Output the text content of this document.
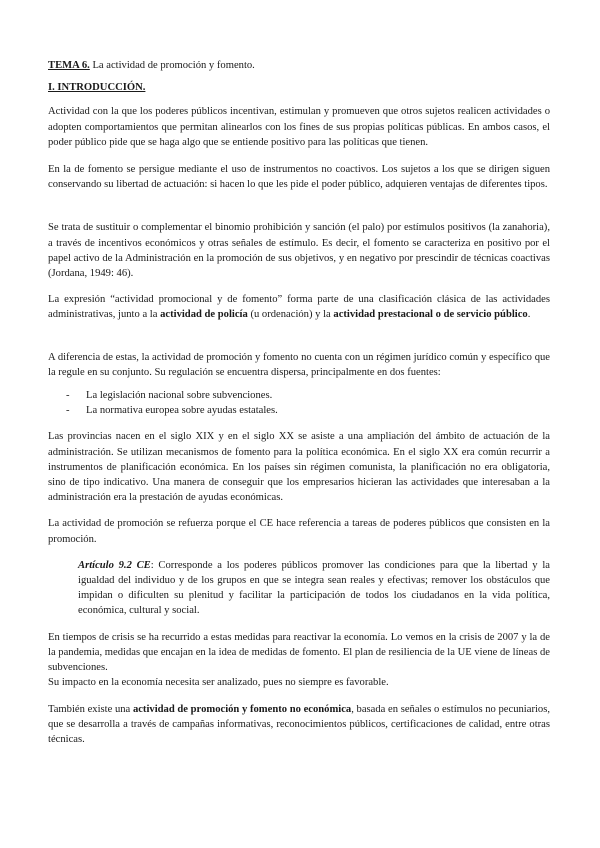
TEMA 6. La actividad de promoción y fomento.

I. INTRODUCCIÓN.

Actividad con la que los poderes públicos incentivan, estimulan y promueven que otros sujetos realicen actividades o adopten comportamientos que permitan alinearlos con los fines de sus propias políticas públicas. En ambos casos, el poder público pide que se haga algo que se entiende positivo para las políticas que tienen.

En la de fomento se persigue mediante el uso de instrumentos no coactivos. Los sujetos a los que se dirigen siguen conservando su libertad de actuación: si hacen lo que les pide el poder público, adquieren ventajas de diferentes tipos.

Se trata de sustituir o complementar el binomio prohibición y sanción (el palo) por estímulos positivos (la zanahoria), a través de incentivos económicos y otras señales de estímulo. Es decir, el fomento se caracteriza en positivo por el papel activo de la Administración en la promoción de sus objetivos, y en negativo por prescindir de técnicas coactivas (Jordana, 1949: 46).

La expresión “actividad promocional y de fomento” forma parte de una clasificación clásica de las actividades administrativas, junto a la actividad de policía (u ordenación) y la actividad prestacional o de servicio público.

A diferencia de estas, la actividad de promoción y fomento no cuenta con un régimen jurídico común y específico que la regule en su conjunto. Su regulación se encuentra dispersa, principalmente en dos fuentes:

- La legislación nacional sobre subvenciones.
- La normativa europea sobre ayudas estatales.

Las provincias nacen en el siglo XIX y en el siglo XX se asiste a una ampliación del ámbito de actuación de la administración. Se utilizan mecanismos de fomento para la política económica. En el siglo XX era común recurrir a instrumentos de planificación económica. En los países sin régimen comunista, la planificación no era obligatoria, sino de tipo indicativo. Una manera de conseguir que los empresarios hicieran las actividades que interesaban a la administración era la prestación de ayudas económicas.

La actividad de promoción se refuerza porque el CE hace referencia a tareas de poderes públicos que consisten en la promoción.

Artículo 9.2 CE: Corresponde a los poderes públicos promover las condiciones para que la libertad y la igualdad del individuo y de los grupos en que se integra sean reales y efectivas; remover los obstáculos que impidan o dificulten su plenitud y facilitar la participación de todos los ciudadanos en la vida política, económica, cultural y social.

En tiempos de crisis se ha recurrido a estas medidas para reactivar la economía. Lo vemos en la crisis de 2007 y la de la pandemia, medidas que encajan en la idea de medidas de fomento. El plan de resiliencia de la UE viene de líneas de subvenciones.

Su impacto en la economía necesita ser analizado, pues no siempre es favorable.

También existe una actividad de promoción y fomento no económica, basada en señales o estímulos no pecuniarios, que se desarrolla a través de campañas informativas, reconocimientos públicos, certificaciones de calidad, entre otras técnicas.
